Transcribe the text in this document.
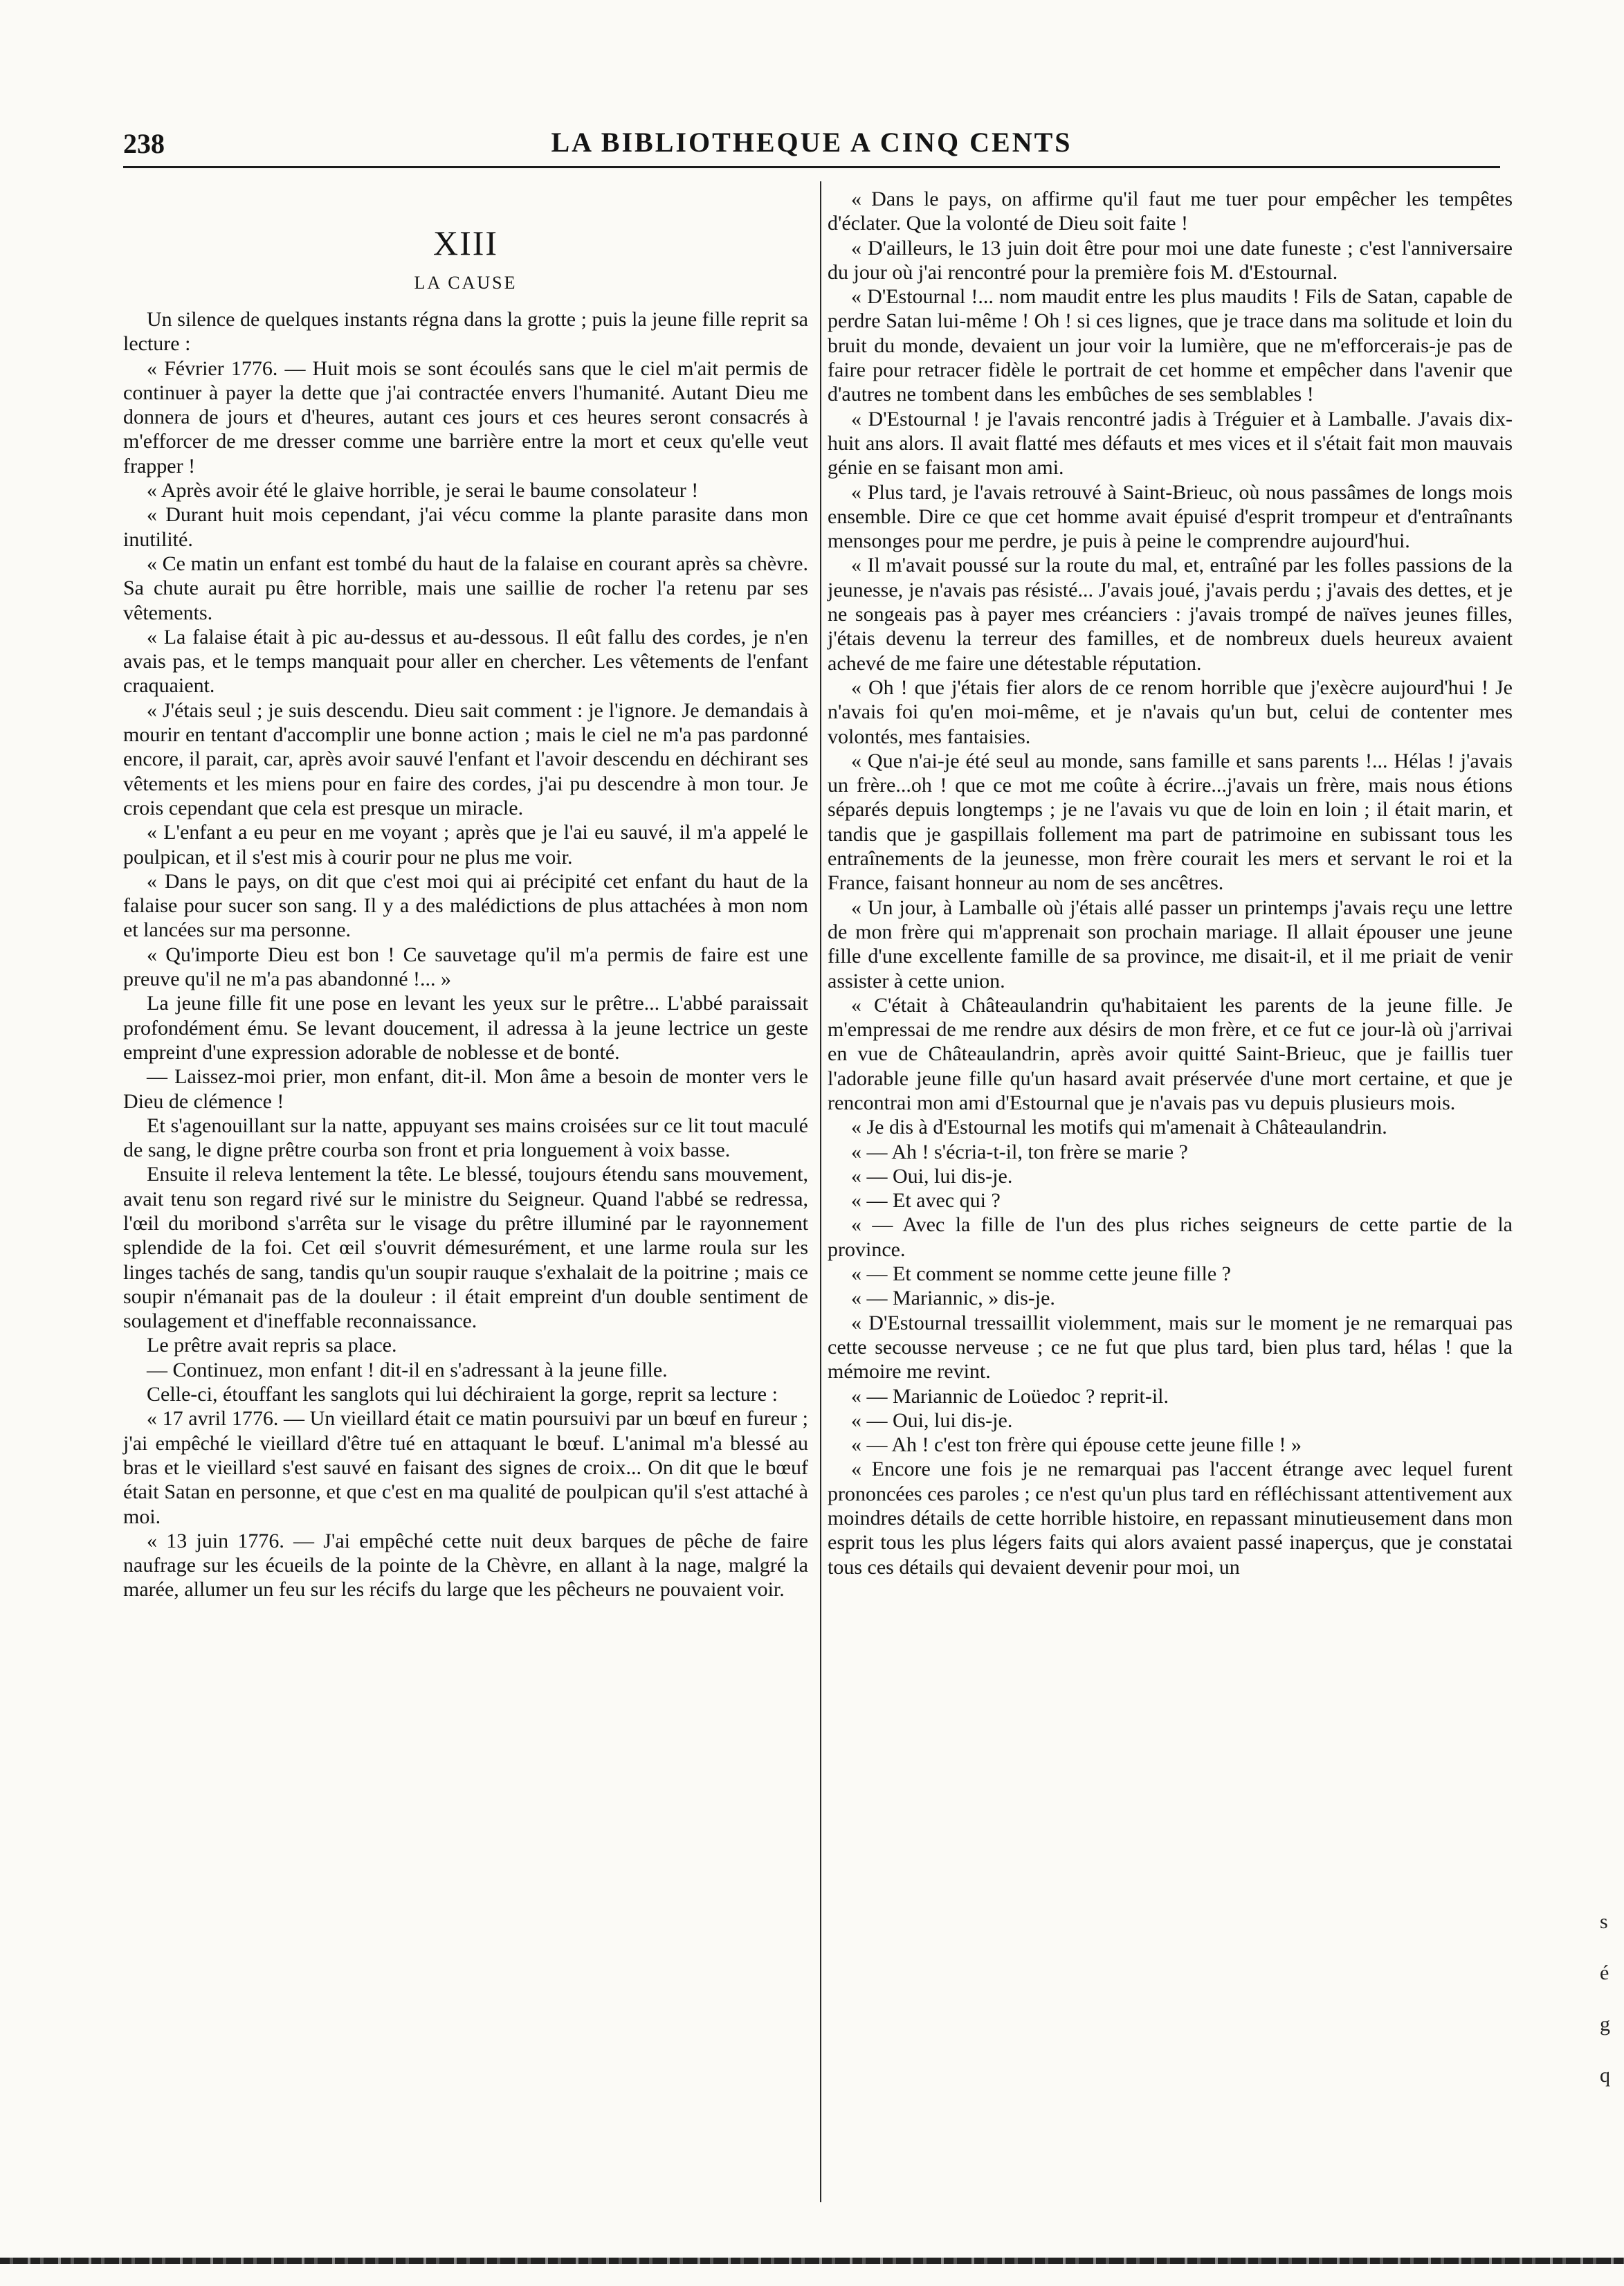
238	LA BIBLIOTHEQUE A CINQ CENTS
XIII
LA CAUSE

Un silence de quelques instants régna dans la grotte ; puis la jeune fille reprit sa lecture :

« Février 1776. — Huit mois se sont écoulés sans que le ciel m'ait permis de continuer à payer la dette que j'ai contractée envers l'humanité. Autant Dieu me donnera de jours et d'heures, autant ces jours et ces heures seront consacrés à m'efforcer de me dresser comme une barrière entre la mort et ceux qu'elle veut frapper !

« Après avoir été le glaive horrible, je serai le baume consolateur !

« Durant huit mois cependant, j'ai vécu comme la plante parasite dans mon inutilité.

« Ce matin un enfant est tombé du haut de la falaise en courant après sa chèvre. Sa chute aurait pu être horrible, mais une saillie de rocher l'a retenu par ses vêtements.

« La falaise était à pic au-dessus et au-dessous. Il eût fallu des cordes, je n'en avais pas, et le temps manquait pour aller en chercher. Les vêtements de l'enfant craquaient.

« J'étais seul ; je suis descendu. Dieu sait comment : je l'ignore. Je demandais à mourir en tentant d'accomplir une bonne action ; mais le ciel ne m'a pas pardonné encore, il parait, car, après avoir sauvé l'enfant et l'avoir descendu en déchirant ses vêtements et les miens pour en faire des cordes, j'ai pu descendre à mon tour. Je crois cependant que cela est presque un miracle.

« L'enfant a eu peur en me voyant ; après que je l'ai eu sauvé, il m'a appelé le poulpican, et il s'est mis à courir pour ne plus me voir.

« Dans le pays, on dit que c'est moi qui ai précipité cet enfant du haut de la falaise pour sucer son sang. Il y a des malédictions de plus attachées à mon nom et lancées sur ma personne.

« Qu'importe Dieu est bon ! Ce sauvetage qu'il m'a permis de faire est une preuve qu'il ne m'a pas abandonné !... »

La jeune fille fit une pose en levant les yeux sur le prêtre... L'abbé paraissait profondément ému. Se levant doucement, il adressa à la jeune lectrice un geste empreint d'une expression adorable de noblesse et de bonté.

— Laissez-moi prier, mon enfant, dit-il. Mon âme a besoin de monter vers le Dieu de clémence !

Et s'agenouillant sur la natte, appuyant ses mains croisées sur ce lit tout maculé de sang, le digne prêtre courba son front et pria longuement à voix basse.

Ensuite il releva lentement la tête. Le blessé, toujours étendu sans mouvement, avait tenu son regard rivé sur le ministre du Seigneur. Quand l'abbé se redressa, l'œil du moribond s'arrêta sur le visage du prêtre illuminé par le rayonnement splendide de la foi. Cet œil s'ouvrit démesurément, et une larme roula sur les linges tachés de sang, tandis qu'un soupir rauque s'exhalait de la poitrine ; mais ce soupir n'émanait pas de la douleur : il était empreint d'un double sentiment de soulagement et d'ineffable reconnaissance.

Le prêtre avait repris sa place.

— Continuez, mon enfant ! dit-il en s'adressant à la jeune fille.

Celle-ci, étouffant les sanglots qui lui déchiraient la gorge, reprit sa lecture :

« 17 avril 1776. — Un vieillard était ce matin poursuivi par un bœuf en fureur ; j'ai empêché le vieillard d'être tué en attaquant le bœuf. L'animal m'a blessé au bras et le vieillard s'est sauvé en faisant des signes de croix... On dit que le bœuf était Satan en personne, et que c'est en ma qualité de poulpican qu'il s'est attaché à moi.

« 13 juin 1776. — J'ai empêché cette nuit deux barques de pêche de faire naufrage sur les écueils de la pointe de la Chèvre, en allant à la nage, malgré la marée, allumer un feu sur les récifs du large que les pêcheurs ne pouvaient voir.

« Dans le pays, on affirme qu'il faut me tuer pour empêcher les tempêtes d'éclater. Que la volonté de Dieu soit faite !

« D'ailleurs, le 13 juin doit être pour moi une date funeste ; c'est l'anniversaire du jour où j'ai rencontré pour la première fois M. d'Estournal.

« D'Estournal !... nom maudit entre les plus maudits ! Fils de Satan, capable de perdre Satan lui-même ! Oh ! si ces lignes, que je trace dans ma solitude et loin du bruit du monde, devaient un jour voir la lumière, que ne m'efforcerais-je pas de faire pour retracer fidèle le portrait de cet homme et empêcher dans l'avenir que d'autres ne tombent dans les embûches de ses semblables !

« D'Estournal ! je l'avais rencontré jadis à Tréguier et à Lamballe. J'avais dix-huit ans alors. Il avait flatté mes défauts et mes vices et il s'était fait mon mauvais génie en se faisant mon ami.

« Plus tard, je l'avais retrouvé à Saint-Brieuc, où nous passâmes de longs mois ensemble. Dire ce que cet homme avait épuisé d'esprit trompeur et d'entraînants mensonges pour me perdre, je puis à peine le comprendre aujourd'hui.

« Il m'avait poussé sur la route du mal, et, entraîné par les folles passions de la jeunesse, je n'avais pas résisté... J'avais joué, j'avais perdu ; j'avais des dettes, et je ne songeais pas à payer mes créanciers : j'avais trompé de naïves jeunes filles, j'étais devenu la terreur des familles, et de nombreux duels heureux avaient achevé de me faire une détestable réputation.

« Oh ! que j'étais fier alors de ce renom horrible que j'exècre aujourd'hui ! Je n'avais foi qu'en moi-même, et je n'avais qu'un but, celui de contenter mes volontés, mes fantaisies.

« Que n'ai-je été seul au monde, sans famille et sans parents !... Hélas ! j'avais un frère...oh ! que ce mot me coûte à écrire...j'avais un frère, mais nous étions séparés depuis longtemps ; je ne l'avais vu que de loin en loin ; il était marin, et tandis que je gaspillais follement ma part de patrimoine en subissant tous les entraînements de la jeunesse, mon frère courait les mers et servant le roi et la France, faisant honneur au nom de ses ancêtres.

« Un jour, à Lamballe où j'étais allé passer un printemps j'avais reçu une lettre de mon frère qui m'apprenait son prochain mariage. Il allait épouser une jeune fille d'une excellente famille de sa province, me disait-il, et il me priait de venir assister à cette union.

« C'était à Châteaulandrin qu'habitaient les parents de la jeune fille. Je m'empressai de me rendre aux désirs de mon frère, et ce fut ce jour-là où j'arrivai en vue de Châteaulandrin, après avoir quitté Saint-Brieuc, que je faillis tuer l'adorable jeune fille qu'un hasard avait préservée d'une mort certaine, et que je rencontrai mon ami d'Estournal que je n'avais pas vu depuis plusieurs mois.

« Je dis à d'Estournal les motifs qui m'amenait à Châteaulandrin.

« — Ah ! s'écria-t-il, ton frère se marie ?

« — Oui, lui dis-je.

« — Et avec qui ?

« — Avec la fille de l'un des plus riches seigneurs de cette partie de la province.

« — Et comment se nomme cette jeune fille ?

« — Mariannic, » dis-je.

« D'Estournal tressaillit violemment, mais sur le moment je ne remarquai pas cette secousse nerveuse ; ce ne fut que plus tard, bien plus tard, hélas ! que la mémoire me revint.

« — Mariannic de Loüedoc ? reprit-il.

« — Oui, lui dis-je.

« — Ah ! c'est ton frère qui épouse cette jeune fille ! »

« Encore une fois je ne remarquai pas l'accent étrange avec lequel furent prononcées ces paroles ; ce n'est qu'un plus tard en réfléchissant attentivement aux moindres détails de cette horrible histoire, en repassant minutieusement dans mon esprit tous les plus légers faits qui alors avaient passé inaperçus, que je constatai tous ces détails qui devaient devenir pour moi, un

s
é
g
q
